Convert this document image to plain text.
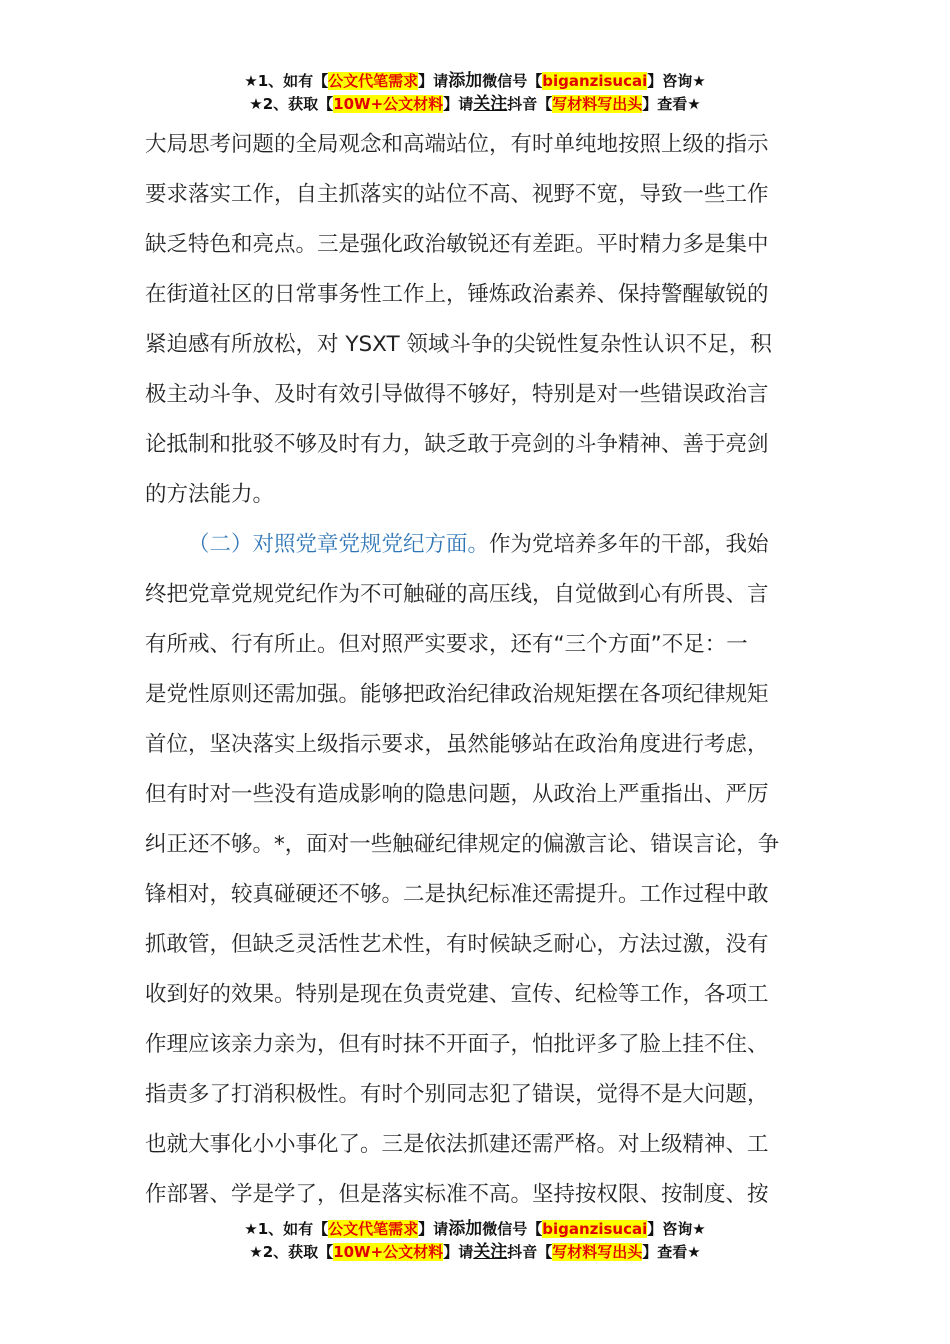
★1、如有【公文代笔需求】请添加微信号【biganzisucai】咨询★
★2、获取【10W+公文材料】请关注抖音【写材料写出头】查看★
大局思考问题的全局观念和高端站位，有时单纯地按照上级的指示
要求落实工作，自主抓落实的站位不高、视野不宽，导致一些工作
缺乏特色和亮点。三是强化政治敏锐还有差距。平时精力多是集中
在街道社区的日常事务性工作上，锤炼政治素养、保持警醒敏锐的
紧迫感有所放松，对 YSXT 领域斗争的尖锐性复杂性认识不足，积
极主动斗争、及时有效引导做得不够好，特别是对一些错误政治言
论抵制和批驳不够及时有力，缺乏敢于亮剑的斗争精神、善于亮剑
的方法能力。
（二）对照党章党规党纪方面。作为党培养多年的干部，我始
终把党章党规党纪作为不可触碰的高压线，自觉做到心有所畏、言
有所戒、行有所止。但对照严实要求，还有“三个方面”不足：一
是党性原则还需加强。能够把政治纪律政治规矩摆在各项纪律规矩
首位，坚决落实上级指示要求，虽然能够站在政治角度进行考虑，
但有时对一些没有造成影响的隐患问题，从政治上严重指出、严厉
纠正还不够。*，面对一些触碰纪律规定的偏激言论、错误言论，争
锋相对，较真碰硬还不够。二是执纪标准还需提升。工作过程中敢
抓敢管，但缺乏灵活性艺术性，有时候缺乏耐心，方法过激，没有
收到好的效果。特别是现在负责党建、宣传、纪检等工作，各项工
作理应该亲力亲为，但有时抹不开面子，怕批评多了脸上挂不住、
指责多了打消积极性。有时个别同志犯了错误，觉得不是大问题，
也就大事化小小事化了。三是依法抓建还需严格。对上级精神、工
作部署、学是学了，但是落实标准不高。坚持按权限、按制度、按
★1、如有【公文代笔需求】请添加微信号【biganzisucai】咨询★
★2、获取【10W+公文材料】请关注抖音【写材料写出头】查看★
